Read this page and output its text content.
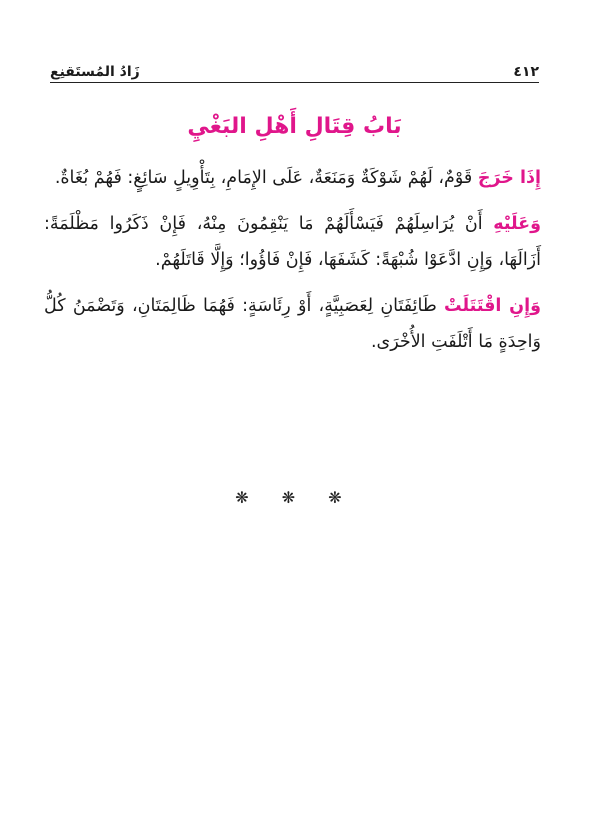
٤١٢
زَادُ المُستَقنِع
بَابُ قِتَالِ أَهْلِ البَغْيِ

إِذَا خَرَجَ قَوْمٌ، لَهُمْ شَوْكَةٌ وَمَنَعَةٌ، عَلَى الإِمَامِ، بِتَأْوِيلٍ سَائِغٍ: فَهُمْ بُغَاةٌ.

وَعَلَيْهِ أَنْ يُرَاسِلَهُمْ فَيَسْأَلَهُمْ مَا يَنْقِمُونَ مِنْهُ، فَإِنْ ذَكَرُوا مَظْلَمَةً: أَزَالَهَا، وَإِنِ ادَّعَوْا شُبْهَةً: كَشَفَهَا، فَإِنْ فَاؤُوا؛ وَإِلَّا قَاتَلَهُمْ.

وَإِنِ اقْتَتَلَتْ طَائِفَتَانِ لِعَصَبِيَّةٍ، أَوْ رِئَاسَةٍ: فَهُمَا ظَالِمَتَانِ، وَتَضْمَنُ كُلُّ وَاحِدَةٍ مَا أَتْلَفَتِ الأُخْرَى.

❋ ❋ ❋
